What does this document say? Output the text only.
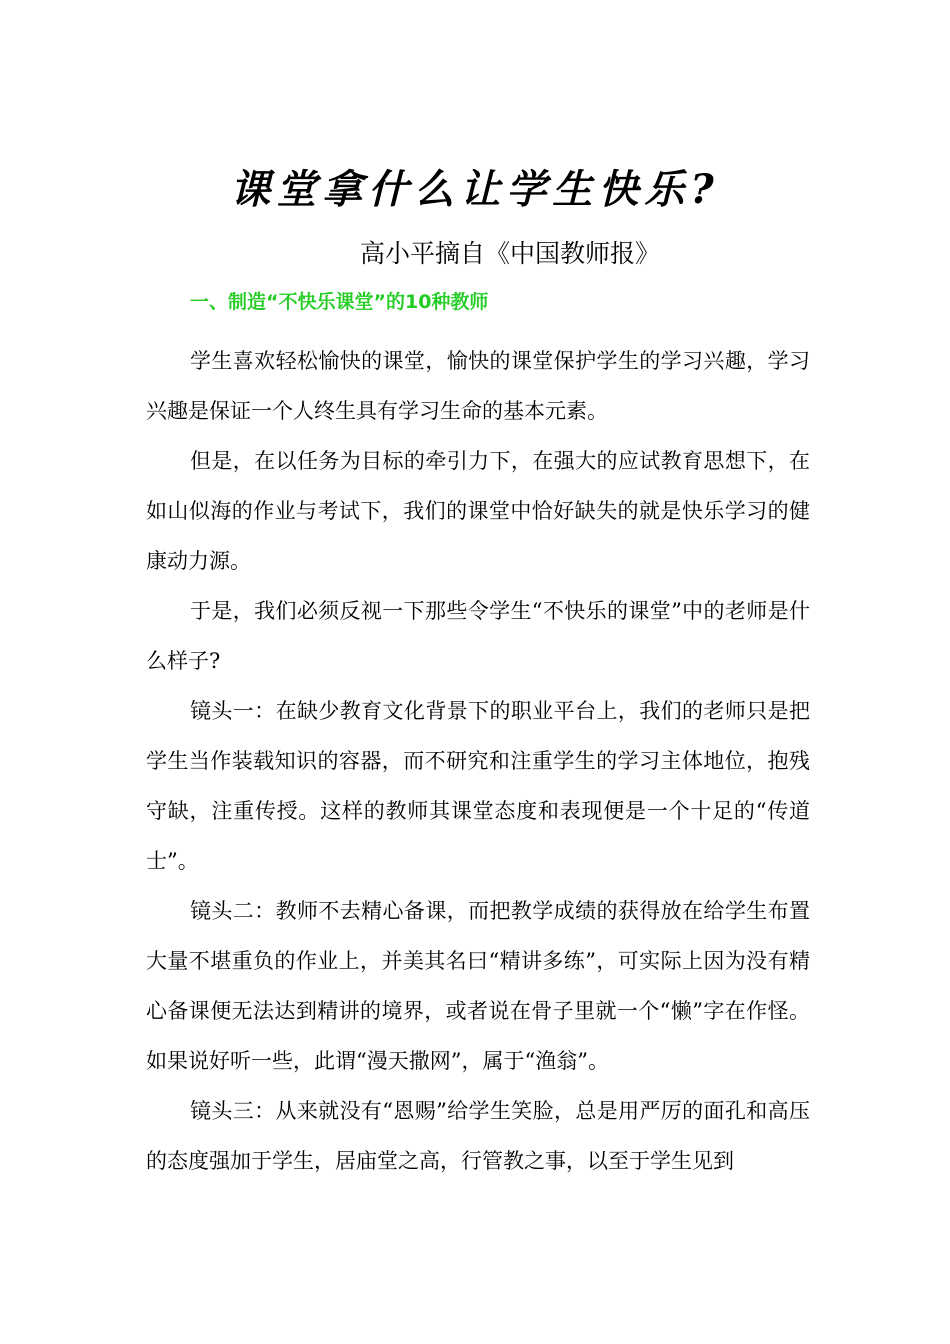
课堂拿什么让学生快乐?
高小平摘自《中国教师报》
一、制造“不快乐课堂”的10种教师

学生喜欢轻松愉快的课堂，愉快的课堂保护学生的学习兴趣，学习兴趣是保证一个人终生具有学习生命的基本元素。

但是，在以任务为目标的牵引力下，在强大的应试教育思想下，在如山似海的作业与考试下，我们的课堂中恰好缺失的就是快乐学习的健康动力源。

于是，我们必须反视一下那些令学生“不快乐的课堂”中的老师是什么样子?

镜头一：在缺少教育文化背景下的职业平台上，我们的老师只是把学生当作装载知识的容器，而不研究和注重学生的学习主体地位，抱残守缺，注重传授。这样的教师其课堂态度和表现便是一个十足的“传道士”。

镜头二：教师不去精心备课，而把教学成绩的获得放在给学生布置大量不堪重负的作业上，并美其名曰“精讲多练”，可实际上因为没有精心备课便无法达到精讲的境界，或者说在骨子里就一个“懒”字在作怪。如果说好听一些，此谓“漫天撒网”，属于“渔翁”。

镜头三：从来就没有“恩赐”给学生笑脸，总是用严厉的面孔和高压的态度强加于学生，居庙堂之高，行管教之事，以至于学生见到
